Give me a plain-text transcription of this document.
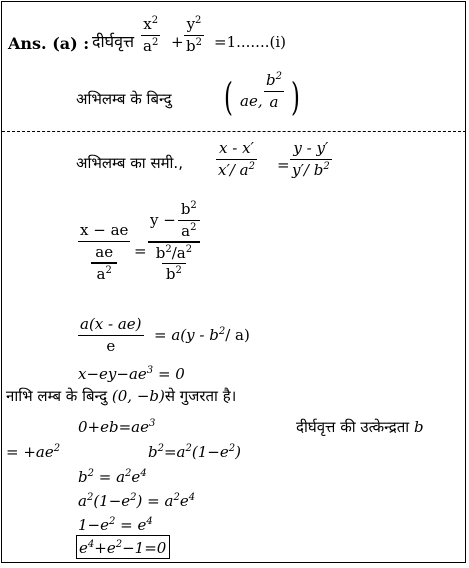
Ans. (a) : दीर्घवृत्त
$x^2$
$a^2$ +
$y^2$
$b^2 =1.......(i)$
अभिलम्ब के बिन्दु ( ae,
$b^2$
a )
अभिलम्ब का समी.,
x - x′
x′/ $a^2$ =
y - y′
y′/ $b^2$
x − ae
$\frac{ae}{a^2}$ =
$y - \frac{b^2}{a^2}$
$b^2/a^2$
$b^2$
a(x - ae)
e
= $a(y - b^2/$ a)
$x-ey-ae^3 = 0$
नाभि लम्ब के बिन्दु (0, −b)से गुजरता है।
$0+eb=ae^3$	दीर्घवृत्त की उत्केन्द्रता b
= $+ae^2$	$b^2=a^2(1-e^2)$
$b^2 = a^2e^4$
$a^2(1-e^2) = a^2e^4$
$1-e^2 = e^4$
$e^4+e^2-1=0$
